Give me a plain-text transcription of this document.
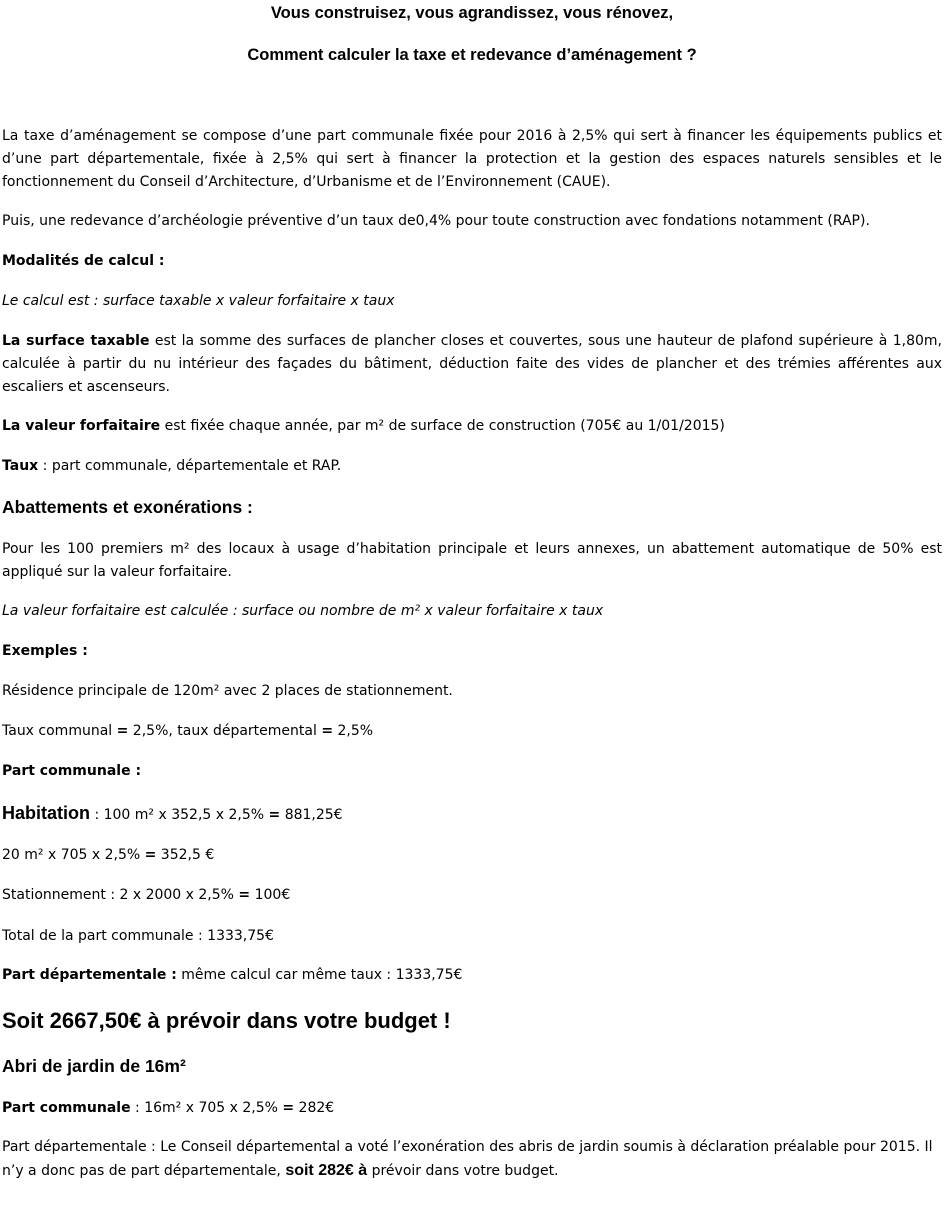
Vous construisez, vous agrandissez, vous rénovez,
Comment calculer la taxe et redevance d’aménagement ?
La taxe d’aménagement se compose d’une part communale fixée pour 2016 à 2,5% qui sert à financer les équipements publics et d’une part départementale, fixée à 2,5% qui sert à financer la protection et la gestion des espaces naturels sensibles et le fonctionnement du Conseil d’Architecture, d’Urbanisme et de l’Environnement (CAUE).
Puis, une redevance d’archéologie préventive d’un taux de0,4% pour toute construction avec fondations notamment (RAP).
Modalités de calcul :
Le calcul est : surface taxable x valeur forfaitaire x taux
La surface taxable est la somme des surfaces de plancher closes et couvertes, sous une hauteur de plafond supérieure à 1,80m, calculée à partir du nu intérieur des façades du bâtiment, déduction faite des vides de plancher et des trémies afférentes aux escaliers et ascenseurs.
La valeur forfaitaire est fixée chaque année, par m² de surface de construction (705€ au 1/01/2015)
Taux : part communale, départementale et RAP.
Abattements et exonérations :
Pour les 100 premiers m² des locaux à usage d’habitation principale et leurs annexes, un abattement automatique de 50% est appliqué sur la valeur forfaitaire.
La valeur forfaitaire est calculée : surface ou nombre de m² x valeur forfaitaire x taux
Exemples :
Résidence principale de 120m² avec 2 places de stationnement.
Taux communal = 2,5%, taux départemental = 2,5%
Part communale :
Habitation : 100 m² x 352,5 x 2,5% = 881,25€
20 m² x 705 x 2,5% = 352,5 €
Stationnement : 2 x 2000 x 2,5% = 100€
Total de la part communale : 1333,75€
Part départementale : même calcul car même taux : 1333,75€
Soit 2667,50€ à prévoir dans votre budget !
Abri de jardin de 16m²
Part communale : 16m² x 705 x 2,5% = 282€
Part départementale : Le Conseil départemental a voté l’exonération des abris de jardin soumis à déclaration préalable pour 2015. Il n’y a donc pas de part départementale, soit 282€ à prévoir dans votre budget.
